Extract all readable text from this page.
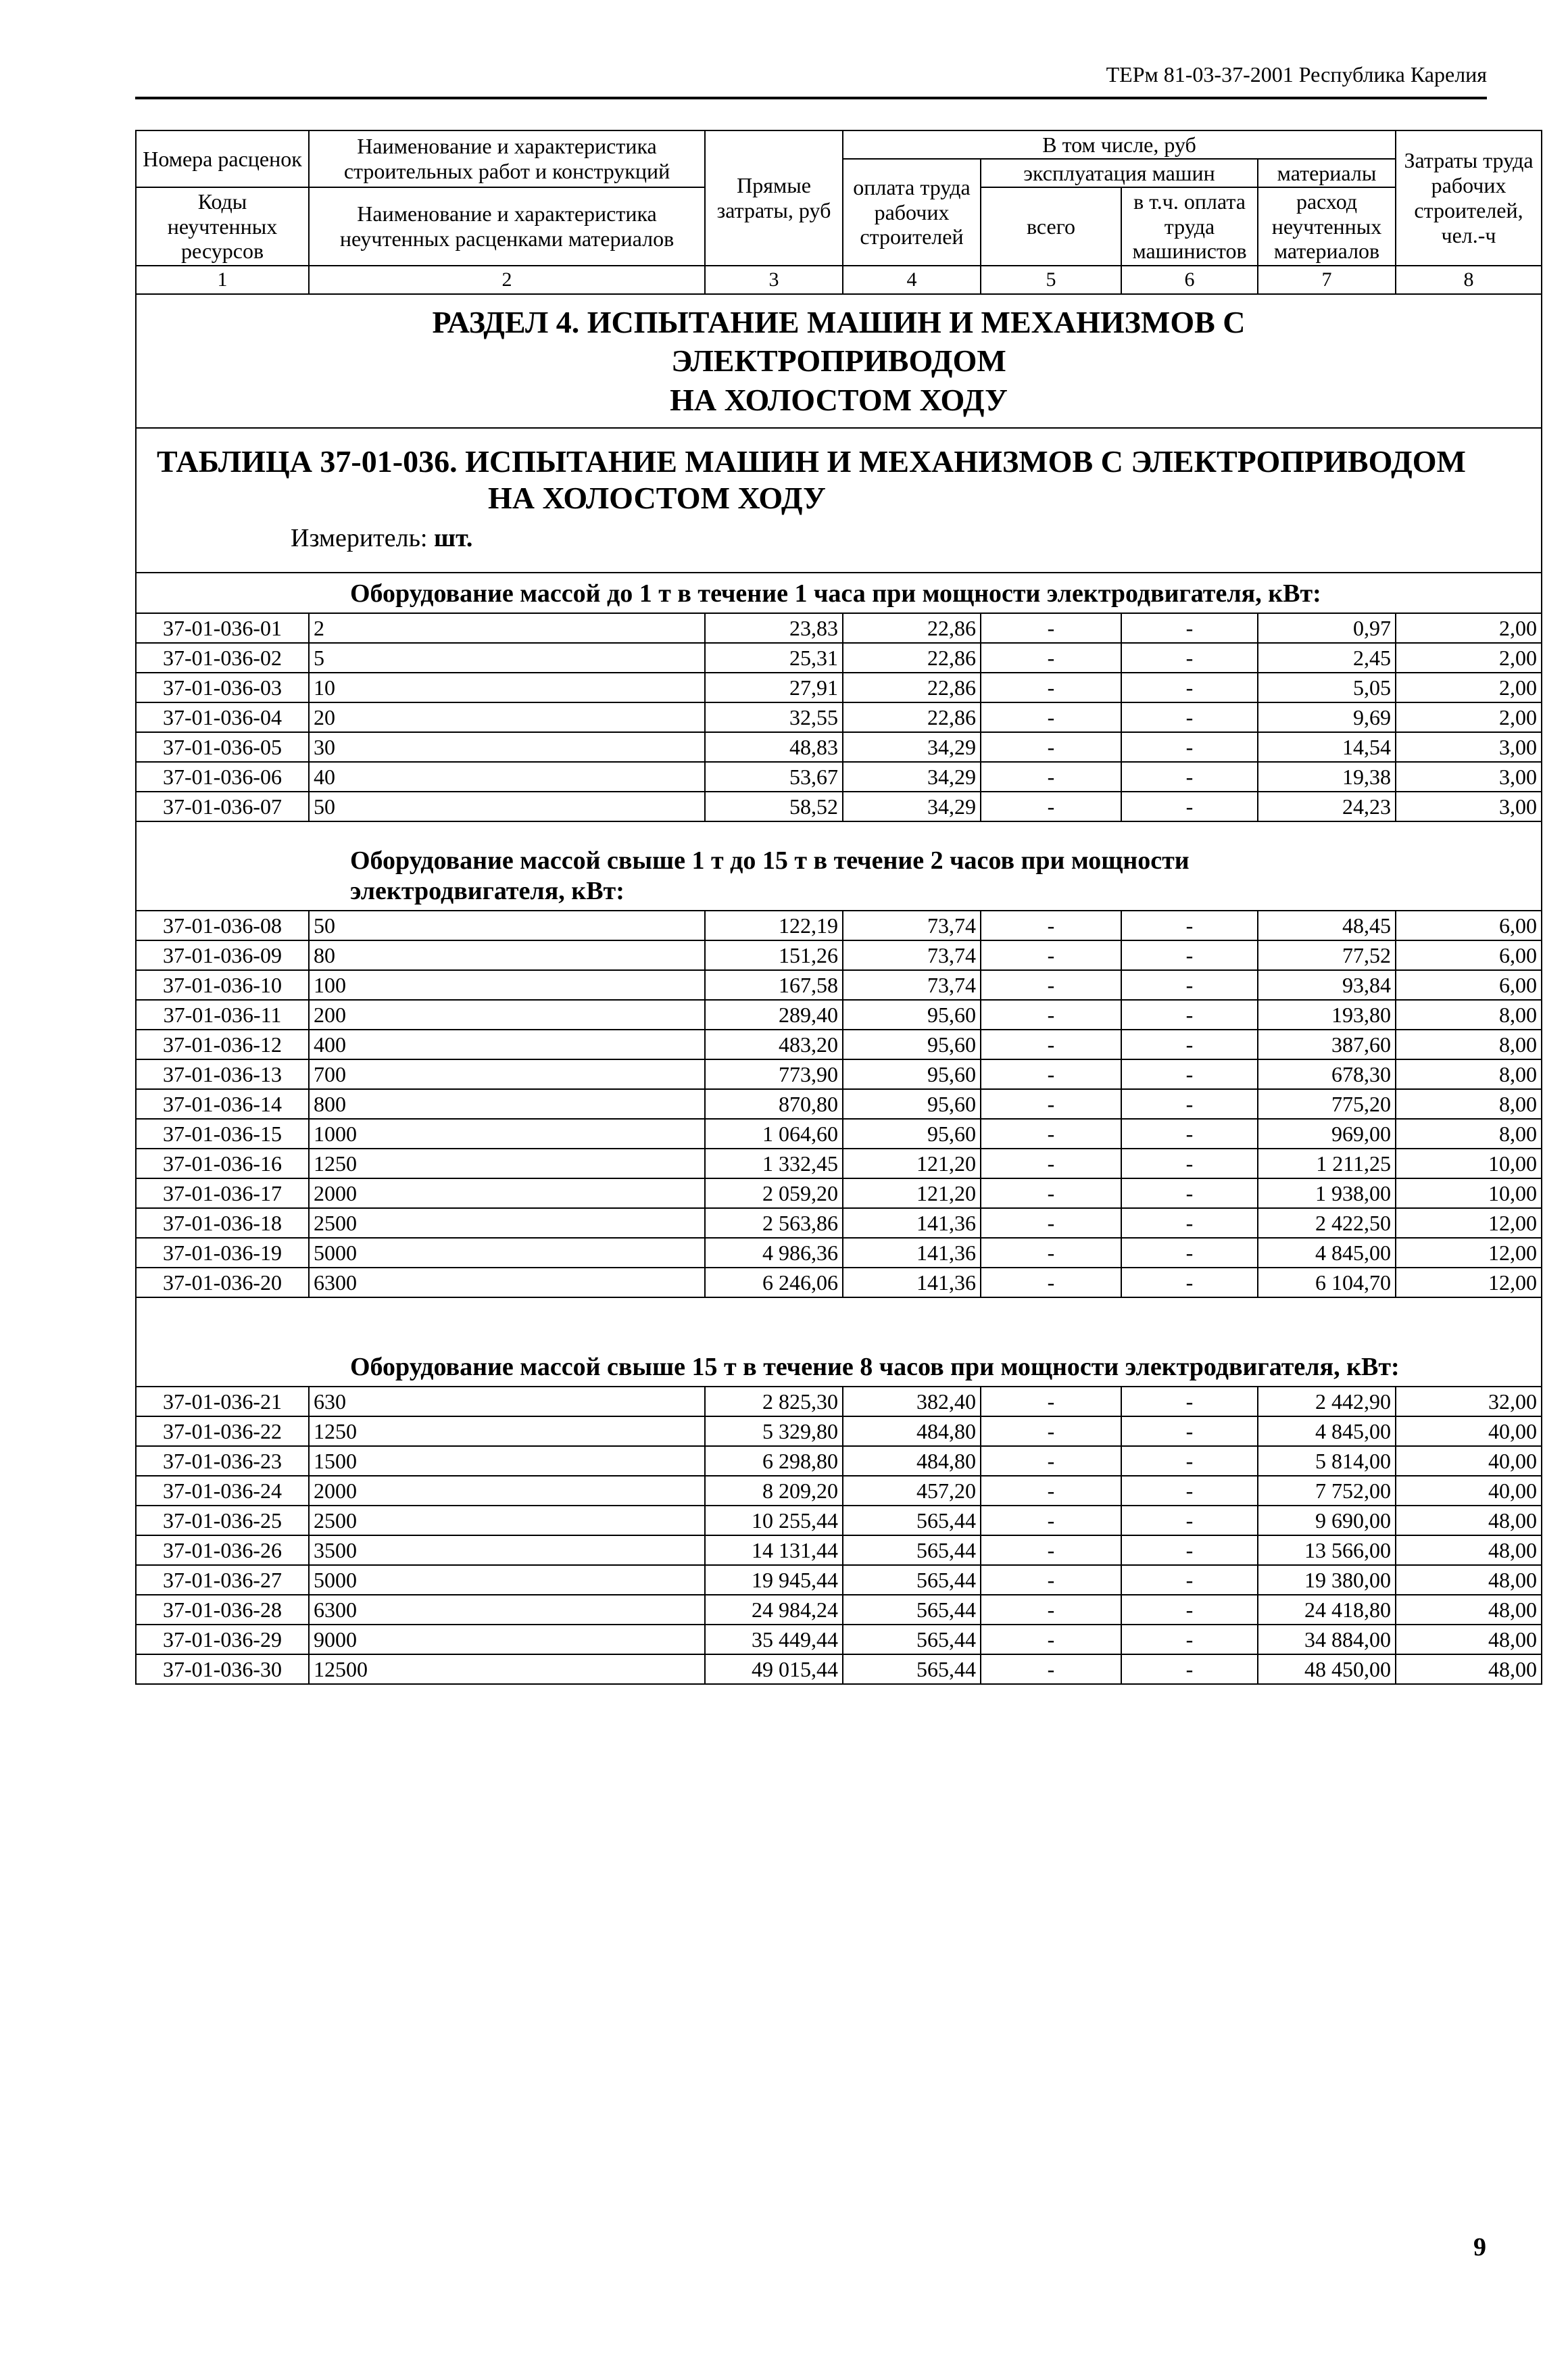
ТЕРм 81-03-37-2001 Республика Карелия
Номера расценок	Наименование и характеристика строительных работ и конструкций	Прямые затраты, руб	В том числе, руб				Затраты труда рабочих строителей, чел.-ч
			оплата труда рабочих строителей	эксплуатация машин		материалы	
Коды неучтенных ресурсов	Наименование и характеристика неучтенных расценками материалов			всего	в т.ч. оплата труда машинистов	расход неучтенных материалов	
1	2	3	4	5	6	7	8

РАЗДЕЛ 4. ИСПЫТАНИЕ МАШИН И МЕХАНИЗМОВ С ЭЛЕКТРОПРИВОДОМ
НА ХОЛОСТОМ ХОДУ							

ТАБЛИЦА 37-01-036. ИСПЫТАНИЕ МАШИН И МЕХАНИЗМОВ С ЭЛЕКТРОПРИВОДОМ
НА ХОЛОСТОМ ХОДУ
Измеритель: шт.							

Оборудование массой до 1 т в течение 1 часа при мощности электродвигателя, кВт:							

37-01-036-01	2	23,83	22,86	-	-	0,97	2,00
37-01-036-02	5	25,31	22,86	-	-	2,45	2,00
37-01-036-03	10	27,91	22,86	-	-	5,05	2,00
37-01-036-04	20	32,55	22,86	-	-	9,69	2,00
37-01-036-05	30	48,83	34,29	-	-	14,54	3,00
37-01-036-06	40	53,67	34,29	-	-	19,38	3,00
37-01-036-07	50	58,52	34,29	-	-	24,23	3,00

Оборудование массой свыше 1 т до 15 т в течение 2 часов при мощности электродвигателя, кВт:							

37-01-036-08	50	122,19	73,74	-	-	48,45	6,00
37-01-036-09	80	151,26	73,74	-	-	77,52	6,00
37-01-036-10	100	167,58	73,74	-	-	93,84	6,00
37-01-036-11	200	289,40	95,60	-	-	193,80	8,00
37-01-036-12	400	483,20	95,60	-	-	387,60	8,00
37-01-036-13	700	773,90	95,60	-	-	678,30	8,00
37-01-036-14	800	870,80	95,60	-	-	775,20	8,00
37-01-036-15	1000	1 064,60	95,60	-	-	969,00	8,00
37-01-036-16	1250	1 332,45	121,20	-	-	1 211,25	10,00
37-01-036-17	2000	2 059,20	121,20	-	-	1 938,00	10,00
37-01-036-18	2500	2 563,86	141,36	-	-	2 422,50	12,00
37-01-036-19	5000	4 986,36	141,36	-	-	4 845,00	12,00
37-01-036-20	6300	6 246,06	141,36	-	-	6 104,70	12,00

Оборудование массой свыше 15 т в течение 8 часов при мощности электродвигателя, кВт:							

37-01-036-21	630	2 825,30	382,40	-	-	2 442,90	32,00
37-01-036-22	1250	5 329,80	484,80	-	-	4 845,00	40,00
37-01-036-23	1500	6 298,80	484,80	-	-	5 814,00	40,00
37-01-036-24	2000	8 209,20	457,20	-	-	7 752,00	40,00
37-01-036-25	2500	10 255,44	565,44	-	-	9 690,00	48,00
37-01-036-26	3500	14 131,44	565,44	-	-	13 566,00	48,00
37-01-036-27	5000	19 945,44	565,44	-	-	19 380,00	48,00
37-01-036-28	6300	24 984,24	565,44	-	-	24 418,80	48,00
37-01-036-29	9000	35 449,44	565,44	-	-	34 884,00	48,00
37-01-036-30	12500	49 015,44	565,44	-	-	48 450,00	48,00
9
